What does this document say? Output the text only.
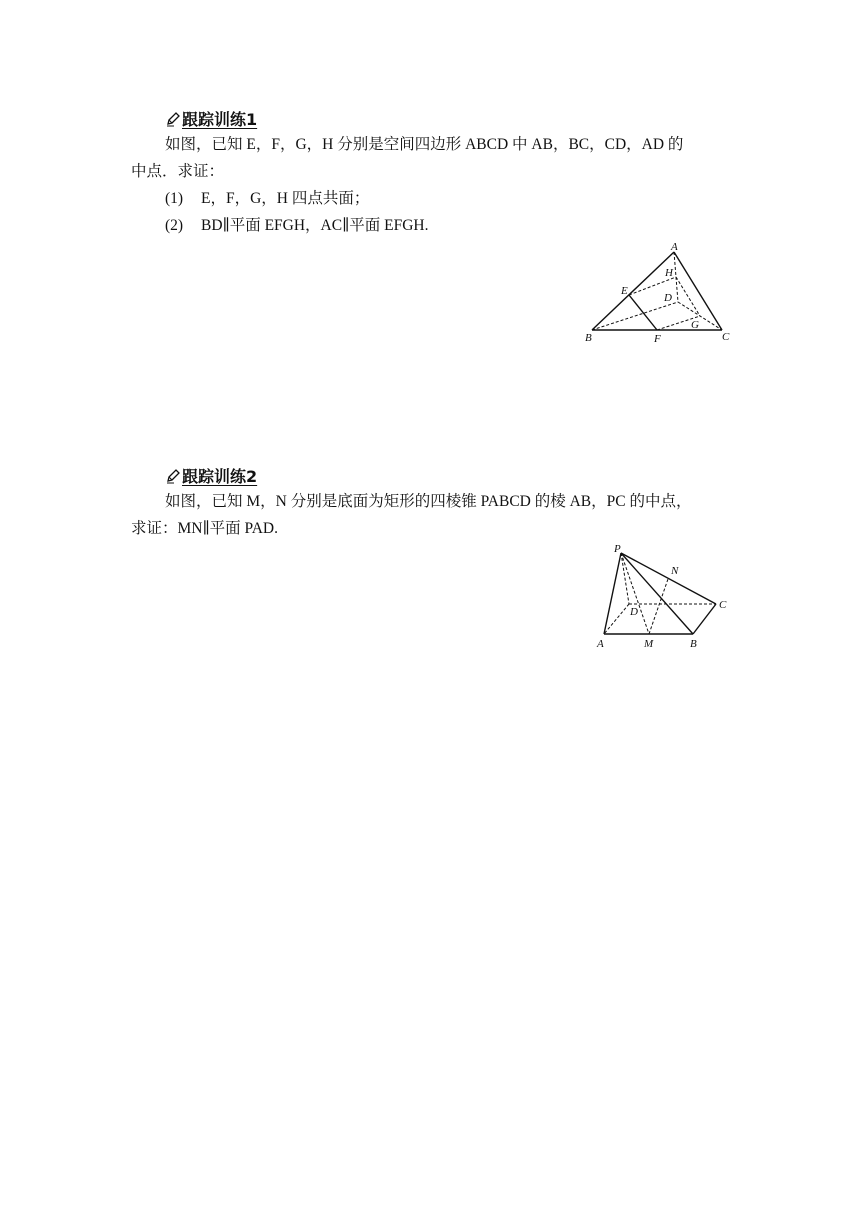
跟踪训练1
如图，已知 E，F，G，H 分别是空间四边形 ABCD 中 AB，BC，CD，AD 的
中点．求证：
(1) E，F，G，H 四点共面；
(2) BD∥平面 EFGH，AC∥平面 EFGH.
A
B	C
D
E
F
G
H
跟踪训练2
如图，已知 M，N 分别是底面为矩形的四棱锥 PABCD 的棱 AB，PC 的中点，
求证：MN∥平面 PAD.
P
N
C
D
A	M	B
